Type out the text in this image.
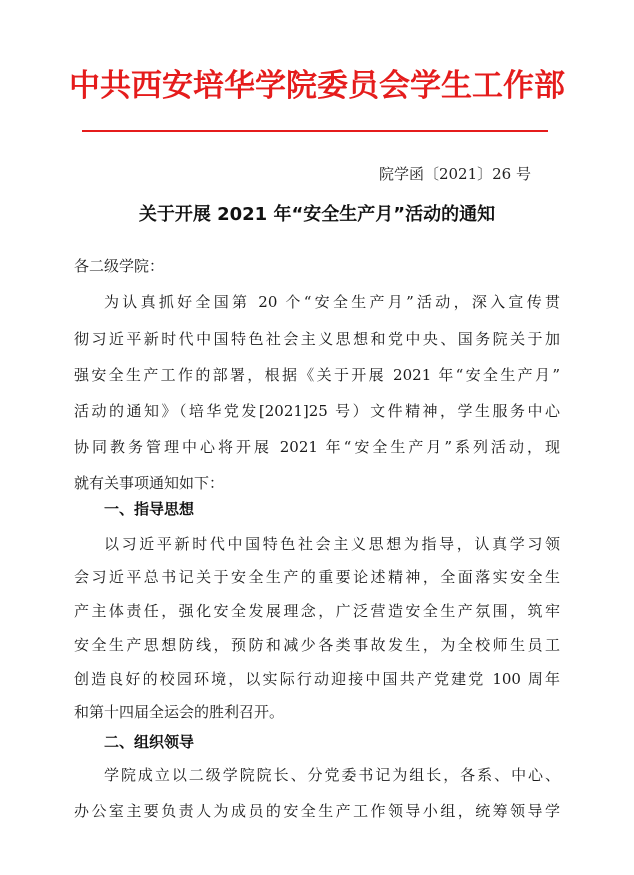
中共西安培华学院委员会学生工作部
院学函〔2021〕26 号
关于开展 2021 年“安全生产月”活动的通知
各二级学院：
为认真抓好全国第 20 个“安全生产月”活动，深入宣传贯
彻习近平新时代中国特色社会主义思想和党中央、国务院关于加
强安全生产工作的部署，根据《关于开展 2021 年“安全生产月”
活动的通知》（培华党发[2021]25 号）文件精神，学生服务中心
协同教务管理中心将开展 2021 年“安全生产月”系列活动，现
就有关事项通知如下：
一、指导思想
以习近平新时代中国特色社会主义思想为指导，认真学习领
会习近平总书记关于安全生产的重要论述精神，全面落实安全生
产主体责任，强化安全发展理念，广泛营造安全生产氛围，筑牢
安全生产思想防线，预防和减少各类事故发生，为全校师生员工
创造良好的校园环境，以实际行动迎接中国共产党建党 100 周年
和第十四届全运会的胜利召开。
二、组织领导
学院成立以二级学院院长、分党委书记为组长，各系、中心、
办公室主要负责人为成员的安全生产工作领导小组，统筹领导学
